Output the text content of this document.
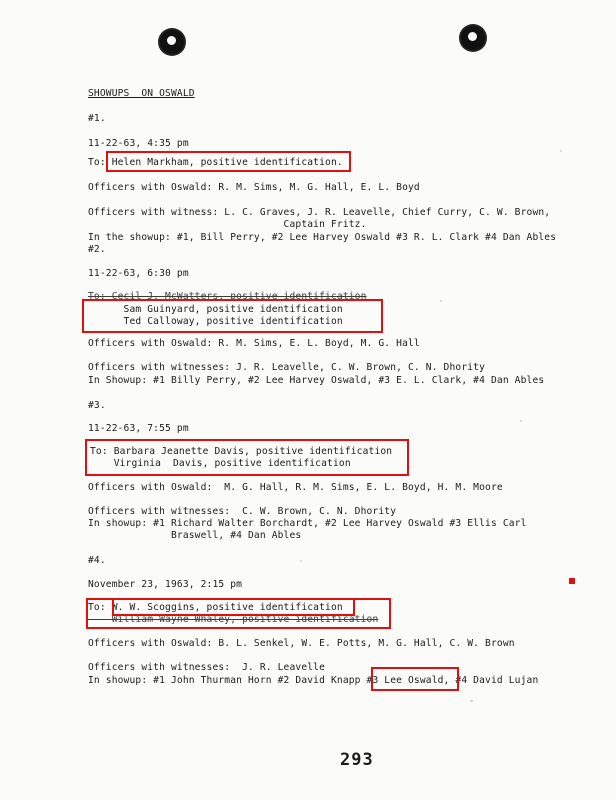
SHOWUPS  ON OSWALD
#1.
11-22-63, 4:35 pm
To: Helen Markham, positive identification.
Officers with Oswald: R. M. Sims, M. G. Hall, E. L. Boyd
Officers with witness: L. C. Graves, J. R. Leavelle, Chief Curry, C. W. Brown,
Captain Fritz.
In the showup: #1, Bill Perry, #2 Lee Harvey Oswald #3 R. L. Clark #4 Dan Ables
#2.
11-22-63, 6:30 pm
To: Cecil J. McWatters, positive identification
Sam Guinyard, positive identification
Ted Calloway, positive identification
Officers with Oswald: R. M. Sims, E. L. Boyd, M. G. Hall
Officers with witnesses: J. R. Leavelle, C. W. Brown, C. N. Dhority
In Showup: #1 Billy Perry, #2 Lee Harvey Oswald, #3 E. L. Clark, #4 Dan Ables
#3.
11-22-63, 7:55 pm
To: Barbara Jeanette Davis, positive identification
Virginia  Davis, positive identification
Officers with Oswald:  M. G. Hall, R. M. Sims, E. L. Boyd, H. M. Moore
Officers with witnesses:  C. W. Brown, C. N. Dhority
In showup: #1 Richard Walter Borchardt, #2 Lee Harvey Oswald #3 Ellis Carl
Braswell, #4 Dan Ables
#4.
November 23, 1963, 2:15 pm
To: W. W. Scoggins, positive identification
William Wayne Whaley, positive identification
Officers with Oswald: B. L. Senkel, W. E. Potts, M. G. Hall, C. W. Brown
Officers with witnesses:  J. R. Leavelle
In showup: #1 John Thurman Horn #2 David Knapp #3 Lee Oswald, #4 David Lujan
293
